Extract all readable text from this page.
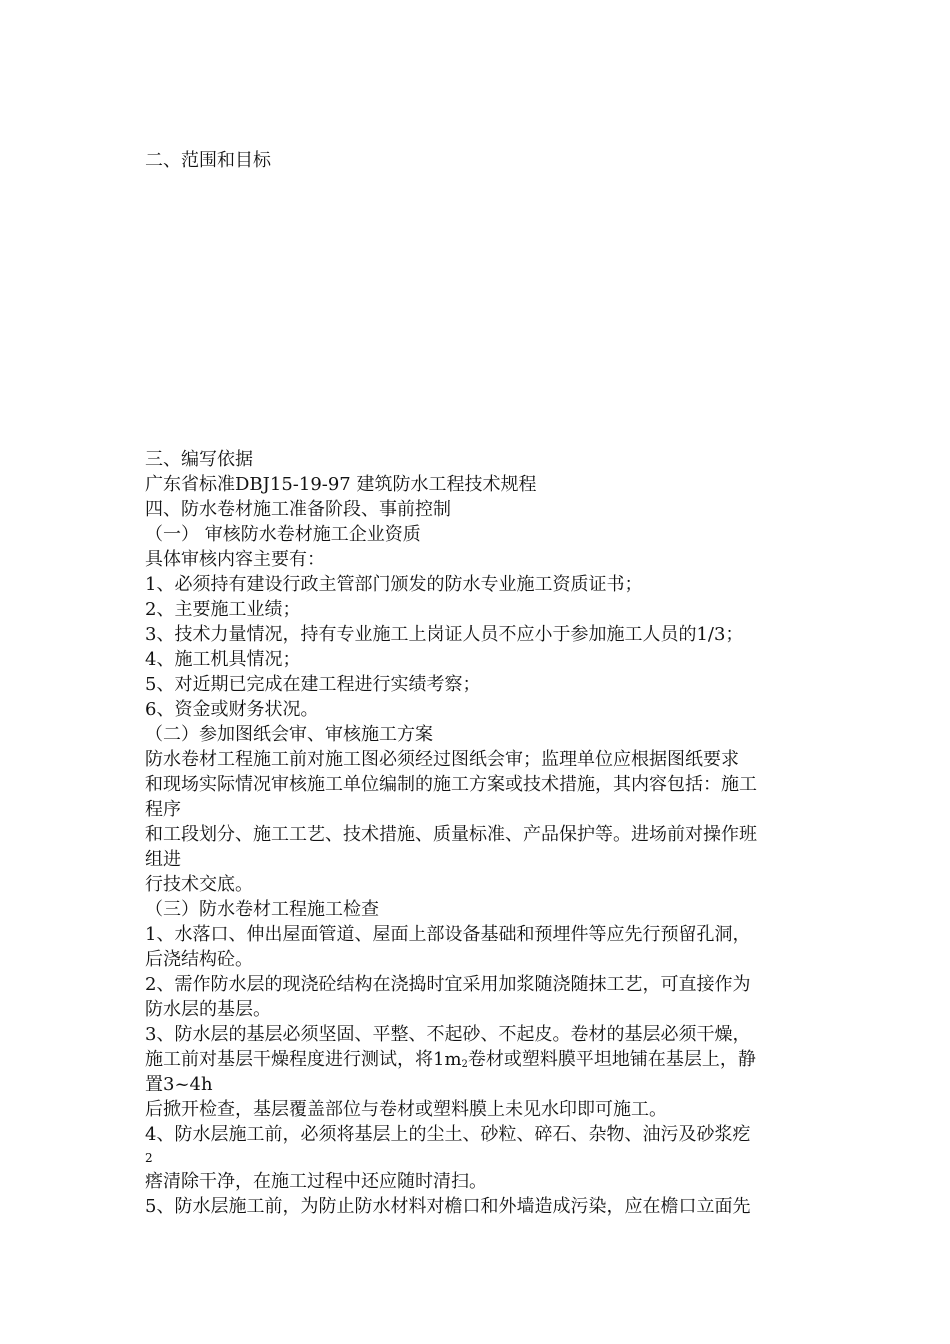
二、范围和目标
三、编写依据
广东省标准DBJ15-19-97 建筑防水工程技术规程
四、防水卷材施工准备阶段、事前控制
（一） 审核防水卷材施工企业资质
具体审核内容主要有：
1、必须持有建设行政主管部门颁发的防水专业施工资质证书；
2、主要施工业绩；
3、技术力量情况，持有专业施工上岗证人员不应小于参加施工人员的1/3；
4、施工机具情况；
5、对近期已完成在建工程进行实绩考察；
6、资金或财务状况。
（二）参加图纸会审、审核施工方案
防水卷材工程施工前对施工图必须经过图纸会审；监理单位应根据图纸要求
和现场实际情况审核施工单位编制的施工方案或技术措施，其内容包括：施工
程序
和工段划分、施工工艺、技术措施、质量标准、产品保护等。进场前对操作班
组进
行技术交底。
（三）防水卷材工程施工检查
1、水落口、伸出屋面管道、屋面上部设备基础和预埋件等应先行预留孔洞，
后浇结构砼。
2、需作防水层的现浇砼结构在浇捣时宜采用加浆随浇随抹工艺，可直接作为
防水层的基层。
3、防水层的基层必须坚固、平整、不起砂、不起皮。卷材的基层必须干燥，
施工前对基层干燥程度进行测试，将$1m_2$卷材或塑料膜平坦地铺在基层上，静
置3~4h
后掀开检查，基层覆盖部位与卷材或塑料膜上未见水印即可施工。
4、防水层施工前，必须将基层上的尘土、砂粒、碎石、杂物、油污及砂浆疙
2
瘩清除干净，在施工过程中还应随时清扫。
5、防水层施工前，为防止防水材料对檐口和外墙造成污染，应在檐口立面先
